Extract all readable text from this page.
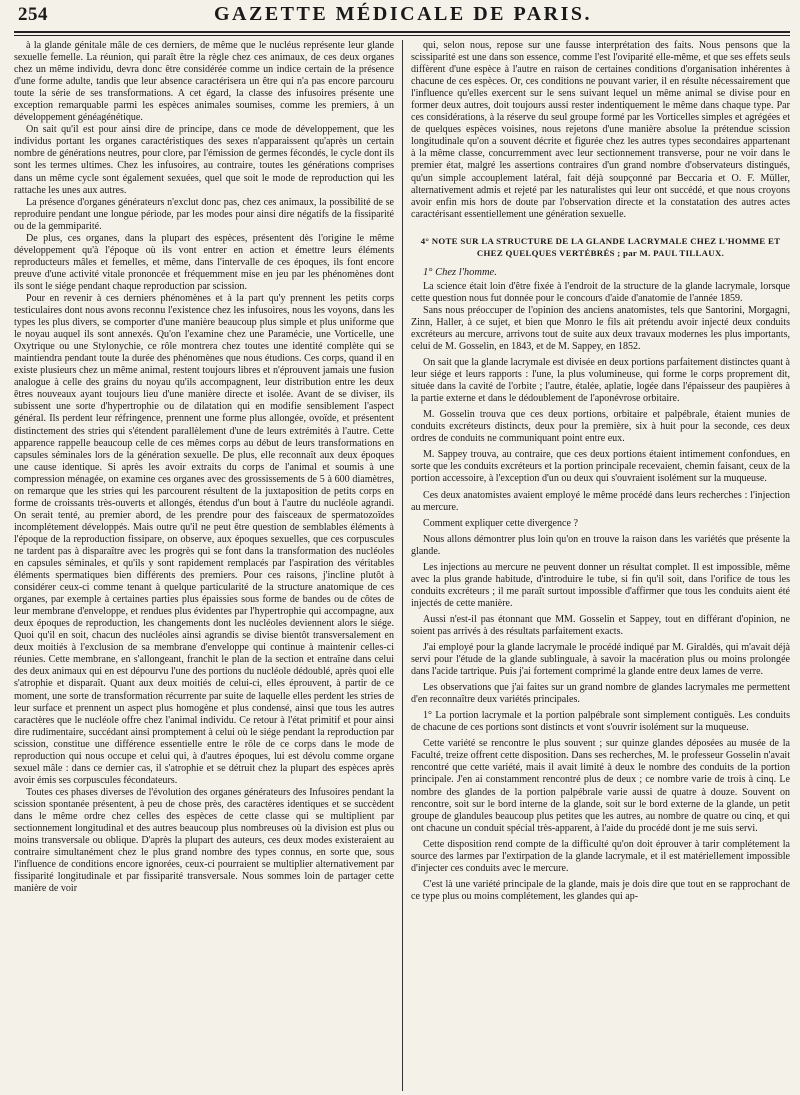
254	GAZETTE MÉDICALE DE PARIS.

à la glande génitale mâle de ces derniers, de même que le nucléus représente leur glande sexuelle femelle. La réunion, qui paraît être la règle chez ces animaux, de ces deux organes chez un même individu, devra donc être considérée comme un indice certain de la présence d'une forme adulte, tandis que leur absence caractérisera un être qui n'a pas encore parcouru toute la série de ses transformations. A cet égard, la classe des infusoires présente une exception remarquable parmi les espèces animales soumises, comme les premiers, à un développement généagénétique.

On sait qu'il est pour ainsi dire de principe, dans ce mode de développement, que les individus portant les organes caractéristiques des sexes n'apparaissent qu'après un certain nombre de générations neutres, pour clore, par l'émission de germes fécondés, le cycle dont ils sont les termes ultimes. Chez les infusoires, au contraire, toutes les générations comprises dans un même cycle sont également sexuées, quel que soit le mode de reproduction qui les rattache les unes aux autres.

La présence d'organes générateurs n'exclut donc pas, chez ces animaux, la possibilité de se reproduire pendant une longue période, par les modes pour ainsi dire négatifs de la fissiparité ou de la gemmiparité.

De plus, ces organes, dans la plupart des espèces, présentent dès l'origine le même développement qu'à l'époque où ils vont entrer en action et émettre leurs éléments reproducteurs mâles et femelles, et même, dans l'intervalle de ces époques, ils font encore preuve d'une activité vitale prononcée et fréquemment mise en jeu par les phénomènes dont ils sont le siége pendant chaque reproduction par scission.

Pour en revenir à ces derniers phénomènes et à la part qu'y prennent les petits corps testiculaires dont nous avons reconnu l'existence chez les infusoires, nous les voyons, dans les types les plus divers, se comporter d'une manière beaucoup plus simple et plus uniforme que le noyau auquel ils sont annexés. Qu'on l'examine chez une Paramécie, une Vorticelle, une Oxytrique ou une Stylonychie, ce rôle montrera chez toutes une identité complète qui se maintiendra pendant toute la durée des phénomènes que nous étudions. Ces corps, quand il en existe plusieurs chez un même animal, restent toujours libres et n'éprouvent jamais une fusion analogue à celle des grains du noyau qu'ils accompagnent, leur distribution entre les deux êtres nouveaux ayant toujours lieu d'une manière directe et isolée. Avant de se diviser, ils subissent une sorte d'hypertrophie ou de dilatation qui en modifie sensiblement l'aspect général. Ils perdent leur réfringence, prennent une forme plus allongée, ovoïde, et présentent distinctement des stries qui s'étendent parallèlement d'une de leurs extrémités à l'autre. Cette apparence rappelle beaucoup celle de ces mêmes corps au début de leurs transformations en capsules séminales lors de la génération sexuelle. De plus, elle reconnaît aux deux époques une cause identique. Si après les avoir extraits du corps de l'animal et soumis à une compression ménagée, on examine ces organes avec des grossissements de 5 à 600 diamètres, on remarque que les stries qui les parcourent résultent de la juxtaposition de petits corps en forme de croissants très-ouverts et allongés, étendus d'un bout à l'autre du nucléole agrandi. On serait tenté, au premier abord, de les prendre pour des faisceaux de spermatozoïdes incomplétement développés. Mais outre qu'il ne peut être question de semblables éléments à l'époque de la reproduction fissipare, on observe, aux époques sexuelles, que ces corpuscules ne tardent pas à disparaître avec les progrès qui se font dans la transformation des nucléoles en capsules séminales, et qu'ils y sont rapidement remplacés par l'aspiration des véritables éléments spermatiques bien différents des premiers. Pour ces raisons, j'incline plutôt à considérer ceux-ci comme tenant à quelque particularité de la structure anatomique de ces organes, par exemple à certaines parties plus épaissies sous forme de bandes ou de côtes de leur membrane d'enveloppe, et rendues plus évidentes par l'hypertrophie qui accompagne, aux deux époques de reproduction, les changements dont les nucléoles deviennent alors le siége. Quoi qu'il en soit, chacun des nucléoles ainsi agrandis se divise bientôt transversalement en deux moitiés à l'exclusion de sa membrane d'enveloppe qui continue à maintenir celles-ci réunies. Cette membrane, en s'allongeant, franchit le plan de la section et entraîne dans celui des deux animaux qui en est dépourvu l'une des portions du nucléole dédoublé, après quoi elle s'atrophie et disparaît. Quant aux deux moitiés de celui-ci, elles éprouvent, à partir de ce moment, une sorte de transformation récurrente par suite de laquelle elles perdent les stries de leur surface et prennent un aspect plus homogène et plus condensé, ainsi que tous les autres caractères que le nucléole offre chez l'animal individu. Ce retour à l'état primitif et pour ainsi dire rudimentaire, succédant ainsi promptement à celui où le siége pendant la reproduction par scission, constitue une différence essentielle entre le rôle de ce corps dans le mode de reproduction qui nous occupe et celui qui, à d'autres époques, lui est dévolu comme organe sexuel mâle : dans ce dernier cas, il s'atrophie et se détruit chez la plupart des espèces après avoir émis ses corpuscules fécondateurs.

Toutes ces phases diverses de l'évolution des organes générateurs des Infusoires pendant la scission spontanée présentent, à peu de chose près, des caractères identiques et se succèdent dans le même ordre chez celles des espèces de cette classe qui se multiplient par sectionnement longitudinal et des autres beaucoup plus nombreuses où la division est plus ou moins transversale ou oblique. D'après la plupart des auteurs, ces deux modes existeraient au contraire simultanément chez le plus grand nombre des types connus, en sorte que, sous l'influence de conditions encore ignorées, ceux-ci pourraient se multiplier alternativement par fissiparité longitudinale et par fissiparité transversale. Nous sommes loin de partager cette manière de voir

qui, selon nous, repose sur une fausse interprétation des faits. Nous pensons que la scissiparité est une dans son essence, comme l'est l'oviparité elle-même, et que ses effets seuls diffèrent d'une espèce à l'autre en raison de certaines conditions d'organisation inhérentes à chacune de ces espèces. Or, ces conditions ne pouvant varier, il en résulte nécessairement que l'influence qu'elles exercent sur le sens suivant lequel un même animal se divise pour en former deux autres, doit toujours aussi rester indentiquement le même dans chaque type. Par ces considérations, à la réserve du seul groupe formé par les Vorticelles simples et agrégées et de quelques espèces voisines, nous rejetons d'une manière absolue la prétendue scission longitudinale qu'on a souvent décrite et figurée chez les autres types secondaires appartenant à la même classe, concurremment avec leur sectionnement transverse, pour ne voir dans le premier état, malgré les assertions contraires d'un grand nombre d'observateurs distingués, qu'un simple accouplement latéral, fait déjà soupçonné par Beccaria et O. F. Müller, alternativement admis et rejeté par les naturalistes qui leur ont succédé, et que nous croyons avoir enfin mis hors de doute par l'observation directe et la constatation des autres actes caractérisant essentiellement une génération sexuelle.

4° NOTE SUR LA STRUCTURE DE LA GLANDE LACRYMALE CHEZ L'HOMME ET CHEZ QUELQUES VERTÉBRÉS ; par M. PAUL TILLAUX.
1° Chez l'homme.

La science était loin d'être fixée à l'endroit de la structure de la glande lacrymale, lorsque cette question nous fut donnée pour le concours d'aide d'anatomie de l'année 1859.

Sans nous préoccuper de l'opinion des anciens anatomistes, tels que Santorini, Morgagni, Zinn, Haller, à ce sujet, et bien que Monro le fils ait prétendu avoir injecté deux conduits excréteurs au mercure, arrivons tout de suite aux deux travaux modernes les plus importants, celui de M. Gosselin, en 1843, et de M. Sappey, en 1852.

On sait que la glande lacrymale est divisée en deux portions parfaitement distinctes quant à leur siége et leurs rapports : l'une, la plus volumineuse, qui forme le corps proprement dit, située dans la cavité de l'orbite ; l'autre, étalée, aplatie, logée dans l'épaisseur des paupières à la partie externe et dans le dédoublement de l'aponévrose orbitaire.

M. Gosselin trouva que ces deux portions, orbitaire et palpébrale, étaient munies de conduits excréteurs distincts, deux pour la première, six à huit pour la seconde, ces deux ordres de conduits ne communiquant point entre eux.

M. Sappey trouva, au contraire, que ces deux portions étaient intimement confondues, en sorte que les conduits excréteurs et la portion principale recevaient, chemin faisant, ceux de la portion accessoire, à l'exception d'un ou deux qui s'ouvraient isolément sur la muqueuse.

Ces deux anatomistes avaient employé le même procédé dans leurs recherches : l'injection au mercure.

Comment expliquer cette divergence ?

Nous allons démontrer plus loin qu'on en trouve la raison dans les variétés que présente la glande.

Les injections au mercure ne peuvent donner un résultat complet. Il est impossible, même avec la plus grande habitude, d'introduire le tube, si fin qu'il soit, dans l'orifice de tous les conduits excréteurs ; il me paraît surtout impossible d'affirmer que tous les conduits aient été injectés de cette manière.

Aussi n'est-il pas étonnant que MM. Gosselin et Sappey, tout en différant d'opinion, ne soient pas arrivés à des résultats parfaitement exacts.

J'ai employé pour la glande lacrymale le procédé indiqué par M. Giraldès, qui m'avait déjà servi pour l'étude de la glande sublinguale, à savoir la macération plus ou moins prolongée dans l'acide tartrique. Puis j'ai fortement comprimé la glande entre deux lames de verre.

Les observations que j'ai faites sur un grand nombre de glandes lacrymales me permettent d'en reconnaître deux variétés principales.

1° La portion lacrymale et la portion palpébrale sont simplement contiguës. Les conduits de chacune de ces portions sont distincts et vont s'ouvrir isolément sur la muqueuse.

Cette variété se rencontre le plus souvent ; sur quinze glandes déposées au musée de la Faculté, treize offrent cette disposition. Dans ses recherches, M. le professeur Gosselin n'avait rencontré que cette variété, mais il avait limité à deux le nombre des conduits de la portion principale. J'en ai constamment rencontré plus de deux ; ce nombre varie de trois à cinq. Le nombre des glandes de la portion palpébrale varie aussi de quatre à douze. Souvent on rencontre, soit sur le bord interne de la glande, soit sur le bord externe de la glande, un petit groupe de glandules beaucoup plus petites que les autres, au nombre de quatre ou cinq, et qui ont chacune un conduit spécial très-apparent, à l'aide du procédé dont je me suis servi.

Cette disposition rend compte de la difficulté qu'on doit éprouver à tarir complétement la source des larmes par l'extirpation de la glande lacrymale, et il est matériellement impossible d'injecter ces conduits avec le mercure.

C'est là une variété principale de la glande, mais je dois dire que tout en se rapprochant de ce type plus ou moins complétement, les glandes qui ap-
